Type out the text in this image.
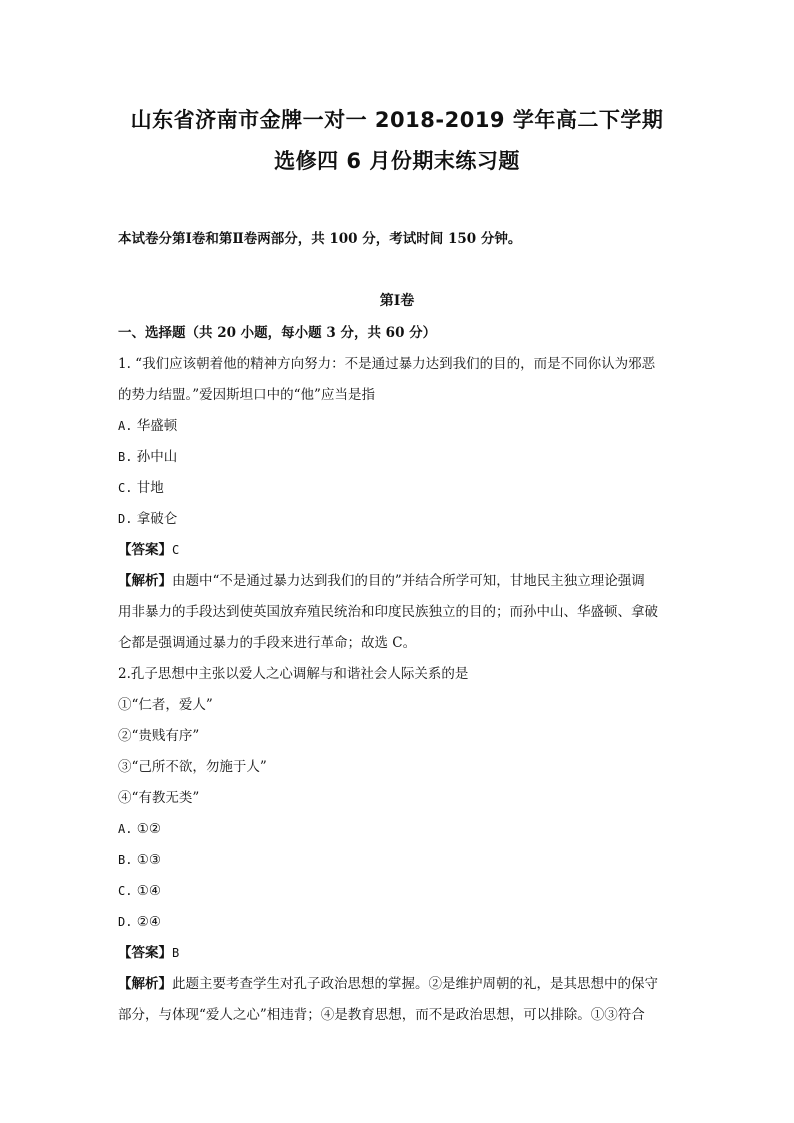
山东省济南市金牌一对一 2018-2019 学年高二下学期
选修四 6 月份期末练习题
本试卷分第Ⅰ卷和第Ⅱ卷两部分，共 100 分，考试时间 150 分钟。
第Ⅰ卷
一、选择题（共 20 小题，每小题 3 分，共 60 分）
1. “我们应该朝着他的精神方向努力：不是通过暴力达到我们的目的，而是不同你认为邪恶
的势力结盟。”爱因斯坦口中的“他”应当是指
A. 华盛顿
B. 孙中山
C. 甘地
D. 拿破仑
【答案】C
【解析】由题中“不是通过暴力达到我们的目的”并结合所学可知，甘地民主独立理论强调
用非暴力的手段达到使英国放弃殖民统治和印度民族独立的目的；而孙中山、华盛顿、拿破
仑都是强调通过暴力的手段来进行革命；故选 C。
2.孔子思想中主张以爱人之心调解与和谐社会人际关系的是
①“仁者，爱人”
②“贵贱有序”
③“己所不欲，勿施于人”
④“有教无类”
A. ①②
B. ①③
C. ①④
D. ②④
【答案】B
【解析】此题主要考查学生对孔子政治思想的掌握。②是维护周朝的礼，是其思想中的保守
部分，与体现“爱人之心”相违背；④是教育思想，而不是政治思想，可以排除。①③符合
